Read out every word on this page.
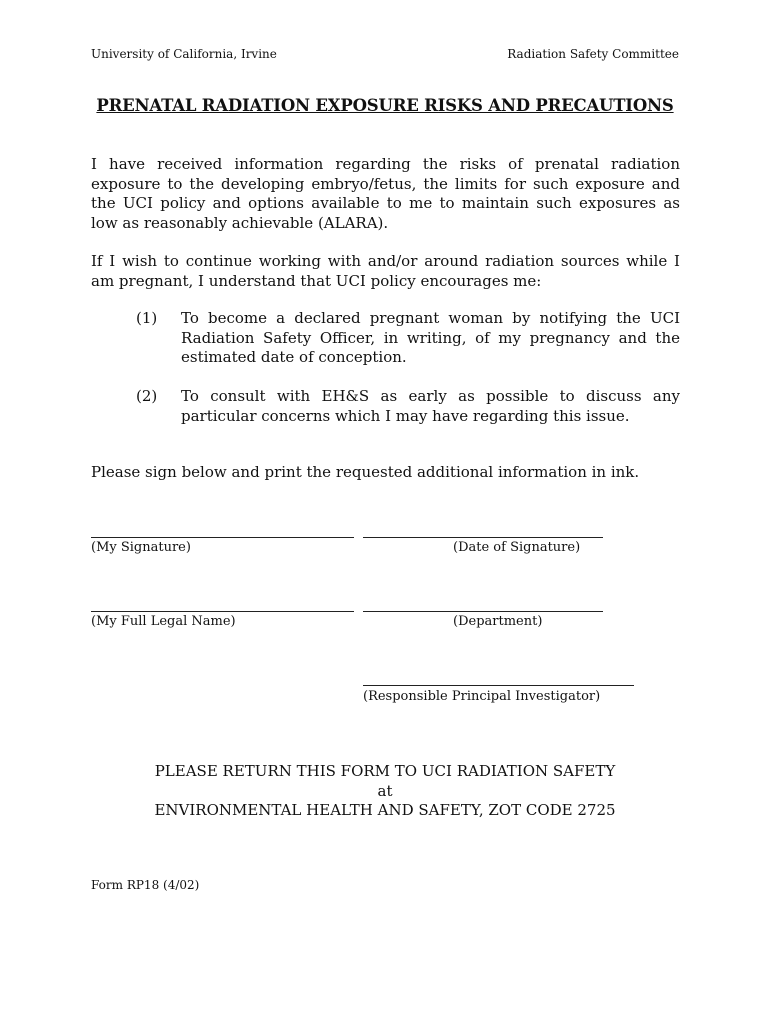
University of California, Irvine	Radiation Safety Committee
PRENATAL RADIATION EXPOSURE RISKS AND PRECAUTIONS

I have received information regarding the risks of prenatal radiation exposure to the developing embryo/fetus, the limits for such exposure and the UCI policy and options available to me to maintain such exposures as low as reasonably achievable (ALARA).

If I wish to continue working with and/or around radiation sources while I am pregnant, I understand that UCI policy encourages me:

(1) To become a declared pregnant woman by notifying the UCI Radiation Safety Officer, in writing, of my pregnancy and the estimated date of conception.

(2) To consult with EH&S as early as possible to discuss any particular concerns which I may have regarding this issue.

Please sign below and print the requested additional information in ink.
(My Signature)	(Date of Signature)
(My Full Legal Name)	(Department)
(Responsible Principal Investigator)
PLEASE RETURN THIS FORM TO UCI RADIATION SAFETY
at
ENVIRONMENTAL HEALTH AND SAFETY, ZOT CODE 2725
Form RP18 (4/02)
